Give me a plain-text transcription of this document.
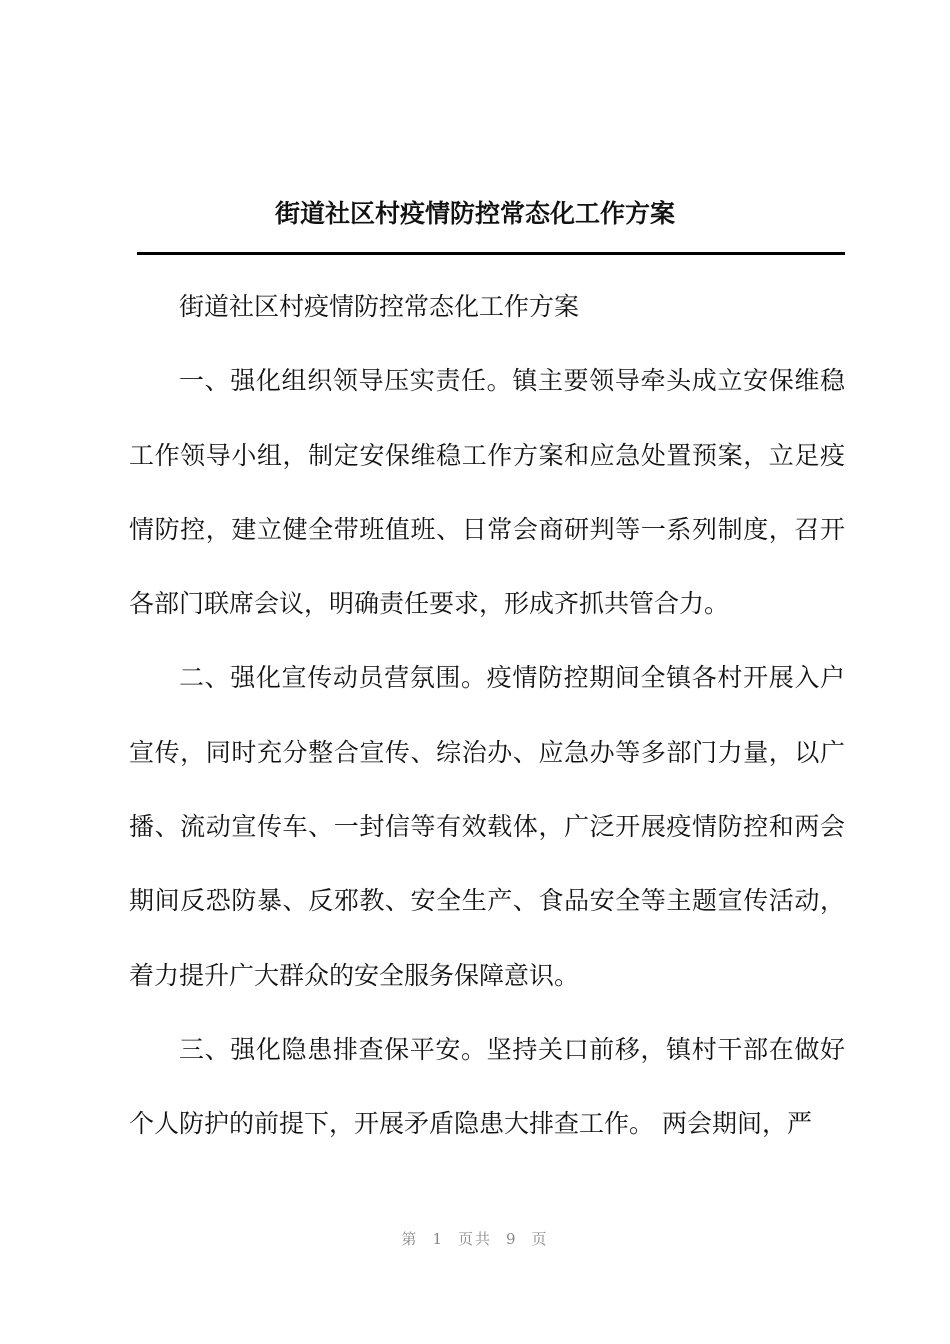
街道社区村疫情防控常态化工作方案

街道社区村疫情防控常态化工作方案

一、强化组织领导压实责任。镇主要领导牵头成立安保维稳工作领导小组，制定安保维稳工作方案和应急处置预案，立足疫情防控，建立健全带班值班、日常会商研判等一系列制度，召开各部门联席会议，明确责任要求，形成齐抓共管合力。

二、强化宣传动员营氛围。疫情防控期间全镇各村开展入户宣传，同时充分整合宣传、综治办、应急办等多部门力量，以广播、流动宣传车、一封信等有效载体，广泛开展疫情防控和两会期间反恐防暴、反邪教、安全生产、食品安全等主题宣传活动，着力提升广大群众的安全服务保障意识。

三、强化隐患排查保平安。坚持关口前移，镇村干部在做好个人防护的前提下，开展矛盾隐患大排查工作。 两会期间，严

第 1 页共 9 页
